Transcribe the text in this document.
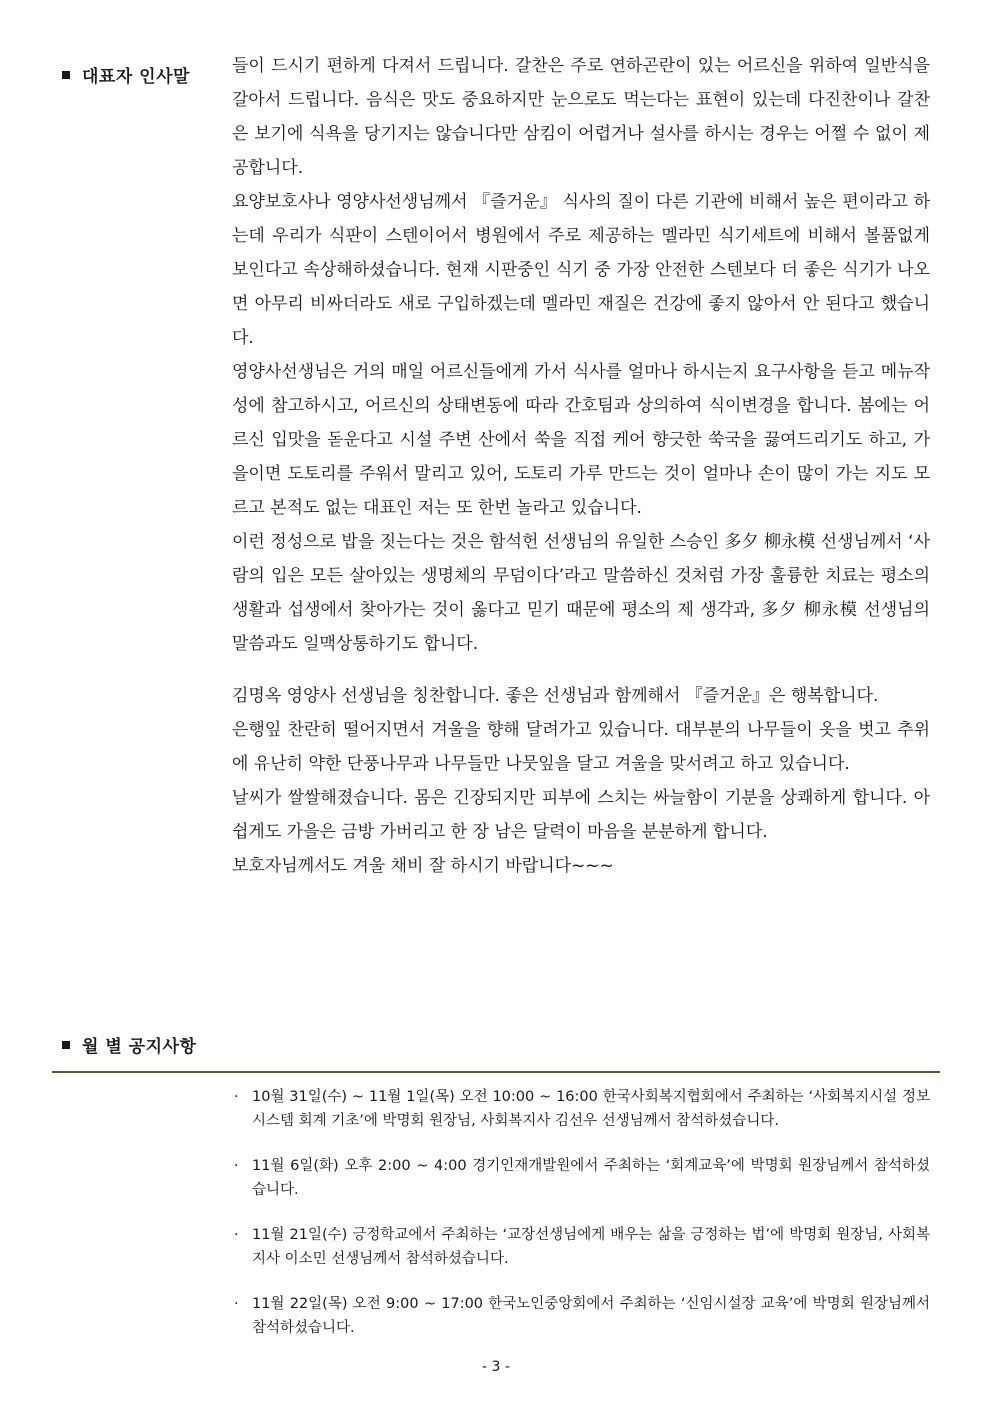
대표자 인사말

들이 드시기 편하게 다져서 드립니다. 갈찬은 주로 연하곤란이 있는 어르신을 위하여 일반식을 갈아서 드립니다. 음식은 맛도 중요하지만 눈으로도 먹는다는 표현이 있는데 다진찬이나 갈찬은 보기에 식욕을 당기지는 않습니다만 삼킴이 어렵거나 설사를 하시는 경우는 어쩔 수 없이 제공합니다.

요양보호사나 영양사선생님께서 『즐거운』 식사의 질이 다른 기관에 비해서 높은 편이라고 하는데 우리가 식판이 스텐이어서 병원에서 주로 제공하는 멜라민 식기세트에 비해서 볼품없게 보인다고 속상해하셨습니다. 현재 시판중인 식기 중 가장 안전한 스텐보다 더 좋은 식기가 나오면 아무리 비싸더라도 새로 구입하겠는데 멜라민 재질은 건강에 좋지 않아서 안 된다고 했습니다.

영양사선생님은 거의 매일 어르신들에게 가서 식사를 얼마나 하시는지 요구사항을 듣고 메뉴작성에 참고하시고, 어르신의 상태변동에 따라 간호팀과 상의하여 식이변경을 합니다. 봄에는 어르신 입맛을 돋운다고 시설 주변 산에서 쑥을 직접 케어 향긋한 쑥국을 끓여드리기도 하고, 가을이면 도토리를 주워서 말리고 있어, 도토리 가루 만드는 것이 얼마나 손이 많이 가는 지도 모르고 본적도 없는 대표인 저는 또 한번 놀라고 있습니다.

이런 정성으로 밥을 짓는다는 것은 함석헌 선생님의 유일한 스승인 多夕 柳永模 선생님께서 ‘사람의 입은 모든 살아있는 생명체의 무덤이다’라고 말씀하신 것처럼 가장 훌륭한 치료는 평소의 생활과 섭생에서 찾아가는 것이 옳다고 믿기 때문에 평소의 제 생각과, 多夕 柳永模 선생님의 말씀과도 일맥상통하기도 합니다.

김명옥 영양사 선생님을 칭찬합니다. 좋은 선생님과 함께해서 『즐거운』은 행복합니다.

은행잎 찬란히 떨어지면서 겨울을 향해 달려가고 있습니다. 대부분의 나무들이 옷을 벗고 추위에 유난히 약한 단풍나무과 나무들만 나뭇잎을 달고 겨울을 맞서려고 하고 있습니다.

날씨가 쌀쌀해졌습니다. 몸은 긴장되지만 피부에 스치는 싸늘함이 기분을 상쾌하게 합니다. 아쉽게도 가을은 금방 가버리고 한 장 남은 달력이 마음을 분분하게 합니다.

보호자님께서도 겨울 채비 잘 하시기 바랍니다~~~

월 별 공지사항
· 10월 31일(수) ~ 11월 1일(목) 오전 10:00 ~ 16:00 한국사회복지협회에서 주최하는 ‘사회복지시설 정보시스템 회계 기초’에 박명회 원장님, 사회복지사 김선우 선생님께서 참석하셨습니다.
· 11월 6일(화) 오후 2:00 ~ 4:00 경기인재개발원에서 주최하는 ‘회계교육’에 박명회 원장님께서 참석하셨습니다.
· 11월 21일(수) 긍정학교에서 주최하는 ‘교장선생님에게 배우는 삶을 긍정하는 법’에 박명회 원장님, 사회복지사 이소민 선생님께서 참석하셨습니다.
· 11월 22일(목) 오전 9:00 ~ 17:00 한국노인중앙회에서 주최하는 ‘신임시설장 교육’에 박명회 원장님께서 참석하셨습니다.
- 3 -
